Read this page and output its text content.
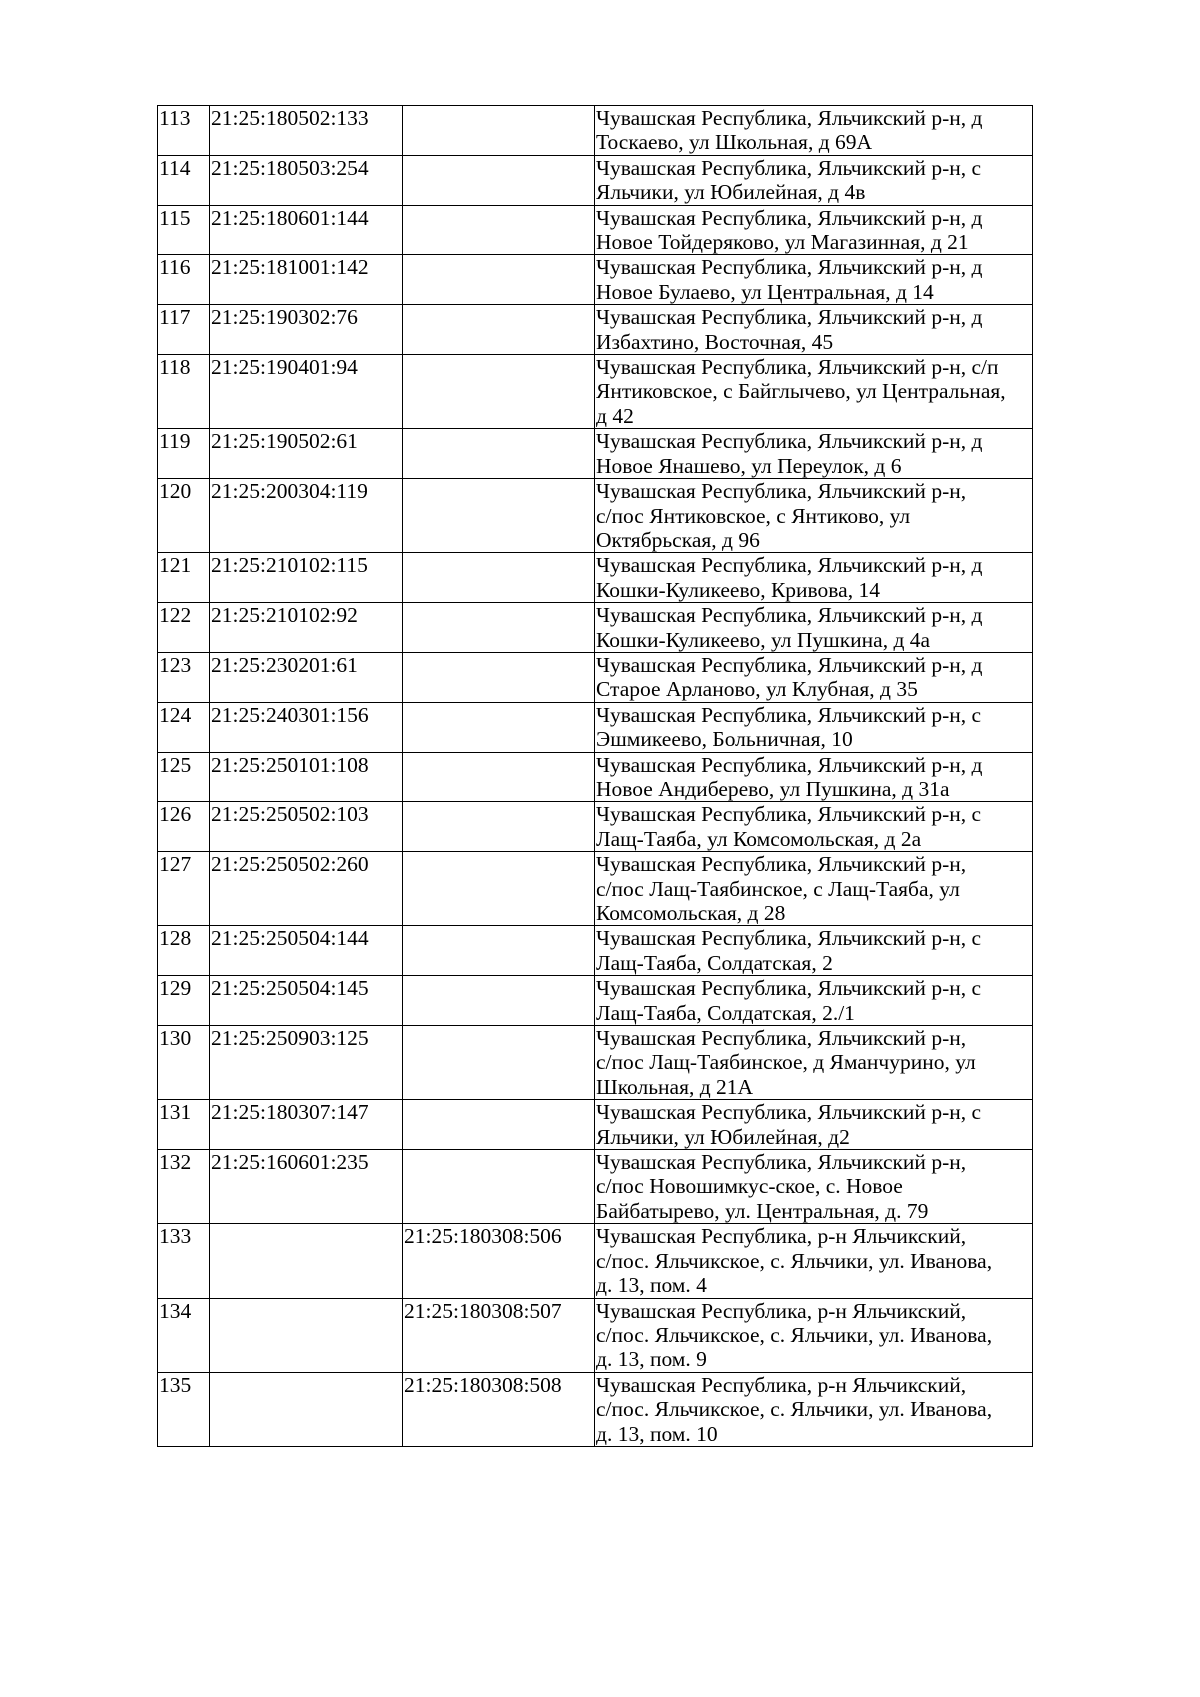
113	21:25:180502:133		Чувашская Республика, Яльчикский р-н, д
Тоскаево, ул Школьная, д 69А

114	21:25:180503:254		Чувашская Республика, Яльчикский р-н, с
Яльчики, ул Юбилейная, д 4в

115	21:25:180601:144		Чувашская Республика, Яльчикский р-н, д
Новое Тойдеряково, ул Магазинная, д 21

116	21:25:181001:142		Чувашская Республика, Яльчикский р-н, д
Новое Булаево, ул Центральная, д 14

117	21:25:190302:76		Чувашская Республика, Яльчикский р-н, д
Избахтино, Восточная, 45

118	21:25:190401:94		Чувашская Республика, Яльчикский р-н, с/п
Янтиковское, с Байглычево, ул Центральная,
д 42

119	21:25:190502:61		Чувашская Республика, Яльчикский р-н, д
Новое Янашево, ул Переулок, д 6

120	21:25:200304:119		Чувашская Республика, Яльчикский р-н,
с/пос Янтиковское, с Янтиково, ул
Октябрьская, д 96

121	21:25:210102:115		Чувашская Республика, Яльчикский р-н, д
Кошки-Куликеево, Кривова, 14

122	21:25:210102:92		Чувашская Республика, Яльчикский р-н, д
Кошки-Куликеево, ул Пушкина, д 4а

123	21:25:230201:61		Чувашская Республика, Яльчикский р-н, д
Старое Арланово, ул Клубная, д 35

124	21:25:240301:156		Чувашская Республика, Яльчикский р-н, с
Эшмикеево, Больничная, 10

125	21:25:250101:108		Чувашская Республика, Яльчикский р-н, д
Новое Андиберево, ул Пушкина, д 31а

126	21:25:250502:103		Чувашская Республика, Яльчикский р-н, с
Лащ-Таяба, ул Комсомольская, д 2а

127	21:25:250502:260		Чувашская Республика, Яльчикский р-н,
с/пос Лащ-Таябинское, с Лащ-Таяба, ул
Комсомольская, д 28

128	21:25:250504:144		Чувашская Республика, Яльчикский р-н, с
Лащ-Таяба, Солдатская, 2

129	21:25:250504:145		Чувашская Республика, Яльчикский р-н, с
Лащ-Таяба, Солдатская, 2./1

130	21:25:250903:125		Чувашская Республика, Яльчикский р-н,
с/пос Лащ-Таябинское, д Яманчурино, ул
Школьная, д 21А

131	21:25:180307:147		Чувашская Республика, Яльчикский р-н, с
Яльчики, ул Юбилейная, д2

132	21:25:160601:235		Чувашская Республика, Яльчикский р-н,
с/пос Новошимкус-ское, с. Новое
Байбатырево, ул. Центральная, д. 79

133		21:25:180308:506	Чувашская Республика, р-н Яльчикский,
с/пос. Яльчикское, с. Яльчики, ул. Иванова,
д. 13, пом. 4

134		21:25:180308:507	Чувашская Республика, р-н Яльчикский,
с/пос. Яльчикское, с. Яльчики, ул. Иванова,
д. 13, пом. 9

135		21:25:180308:508	Чувашская Республика, р-н Яльчикский,
с/пос. Яльчикское, с. Яльчики, ул. Иванова,
д. 13, пом. 10
